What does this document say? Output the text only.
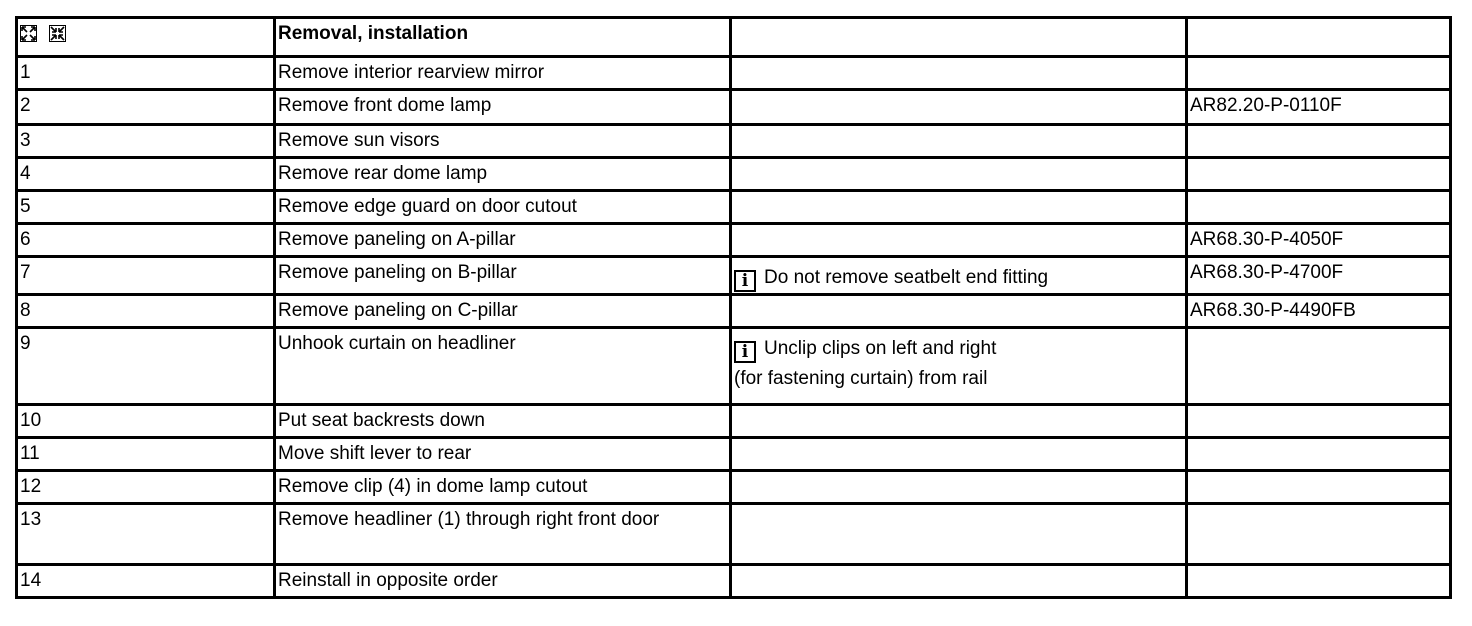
	Removal, installation		
1	Remove interior rearview mirror		
2	Remove front dome lamp		AR82.20-P-0110F
3	Remove sun visors		
4	Remove rear dome lamp		
5	Remove edge guard on door cutout		
6	Remove paneling on A-pillar		AR68.30-P-4050F
7	Remove paneling on B-pillar	i Do not remove seatbelt end fitting	AR68.30-P-4700F
8	Remove paneling on C-pillar		AR68.30-P-4490FB
9	Unhook curtain on headliner	i Unclip clips on left and right
(for fastening curtain) from rail	

10	Put seat backrests down		
11	Move shift lever to rear		
12	Remove clip (4) in dome lamp cutout		
13	Remove headliner (1) through right front door		
14	Reinstall in opposite order		
